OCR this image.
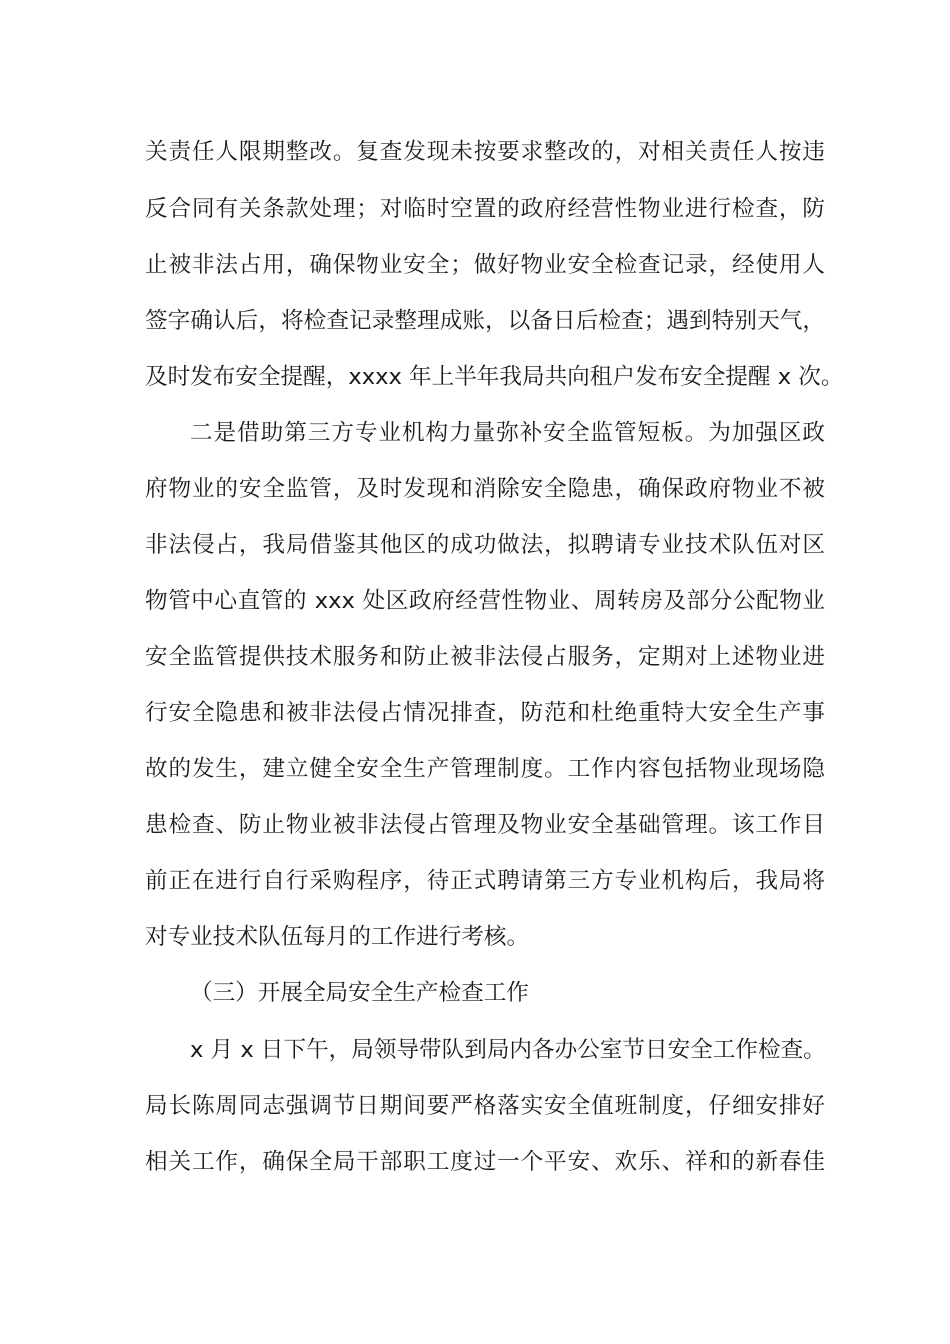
关责任人限期整改。复查发现未按要求整改的，对相关责任人按违
反合同有关条款处理；对临时空置的政府经营性物业进行检查，防
止被非法占用，确保物业安全；做好物业安全检查记录，经使用人
签字确认后，将检查记录整理成账，以备日后检查；遇到特别天气，
及时发布安全提醒，xxxx 年上半年我局共向租户发布安全提醒 x 次。
二是借助第三方专业机构力量弥补安全监管短板。为加强区政
府物业的安全监管，及时发现和消除安全隐患，确保政府物业不被
非法侵占，我局借鉴其他区的成功做法，拟聘请专业技术队伍对区
物管中心直管的 xxx 处区政府经营性物业、周转房及部分公配物业
安全监管提供技术服务和防止被非法侵占服务，定期对上述物业进
行安全隐患和被非法侵占情况排查，防范和杜绝重特大安全生产事
故的发生，建立健全安全生产管理制度。工作内容包括物业现场隐
患检查、防止物业被非法侵占管理及物业安全基础管理。该工作目
前正在进行自行采购程序，待正式聘请第三方专业机构后，我局将
对专业技术队伍每月的工作进行考核。
（三）开展全局安全生产检查工作
x 月 x 日下午，局领导带队到局内各办公室节日安全工作检查。
局长陈周同志强调节日期间要严格落实安全值班制度，仔细安排好
相关工作，确保全局干部职工度过一个平安、欢乐、祥和的新春佳
